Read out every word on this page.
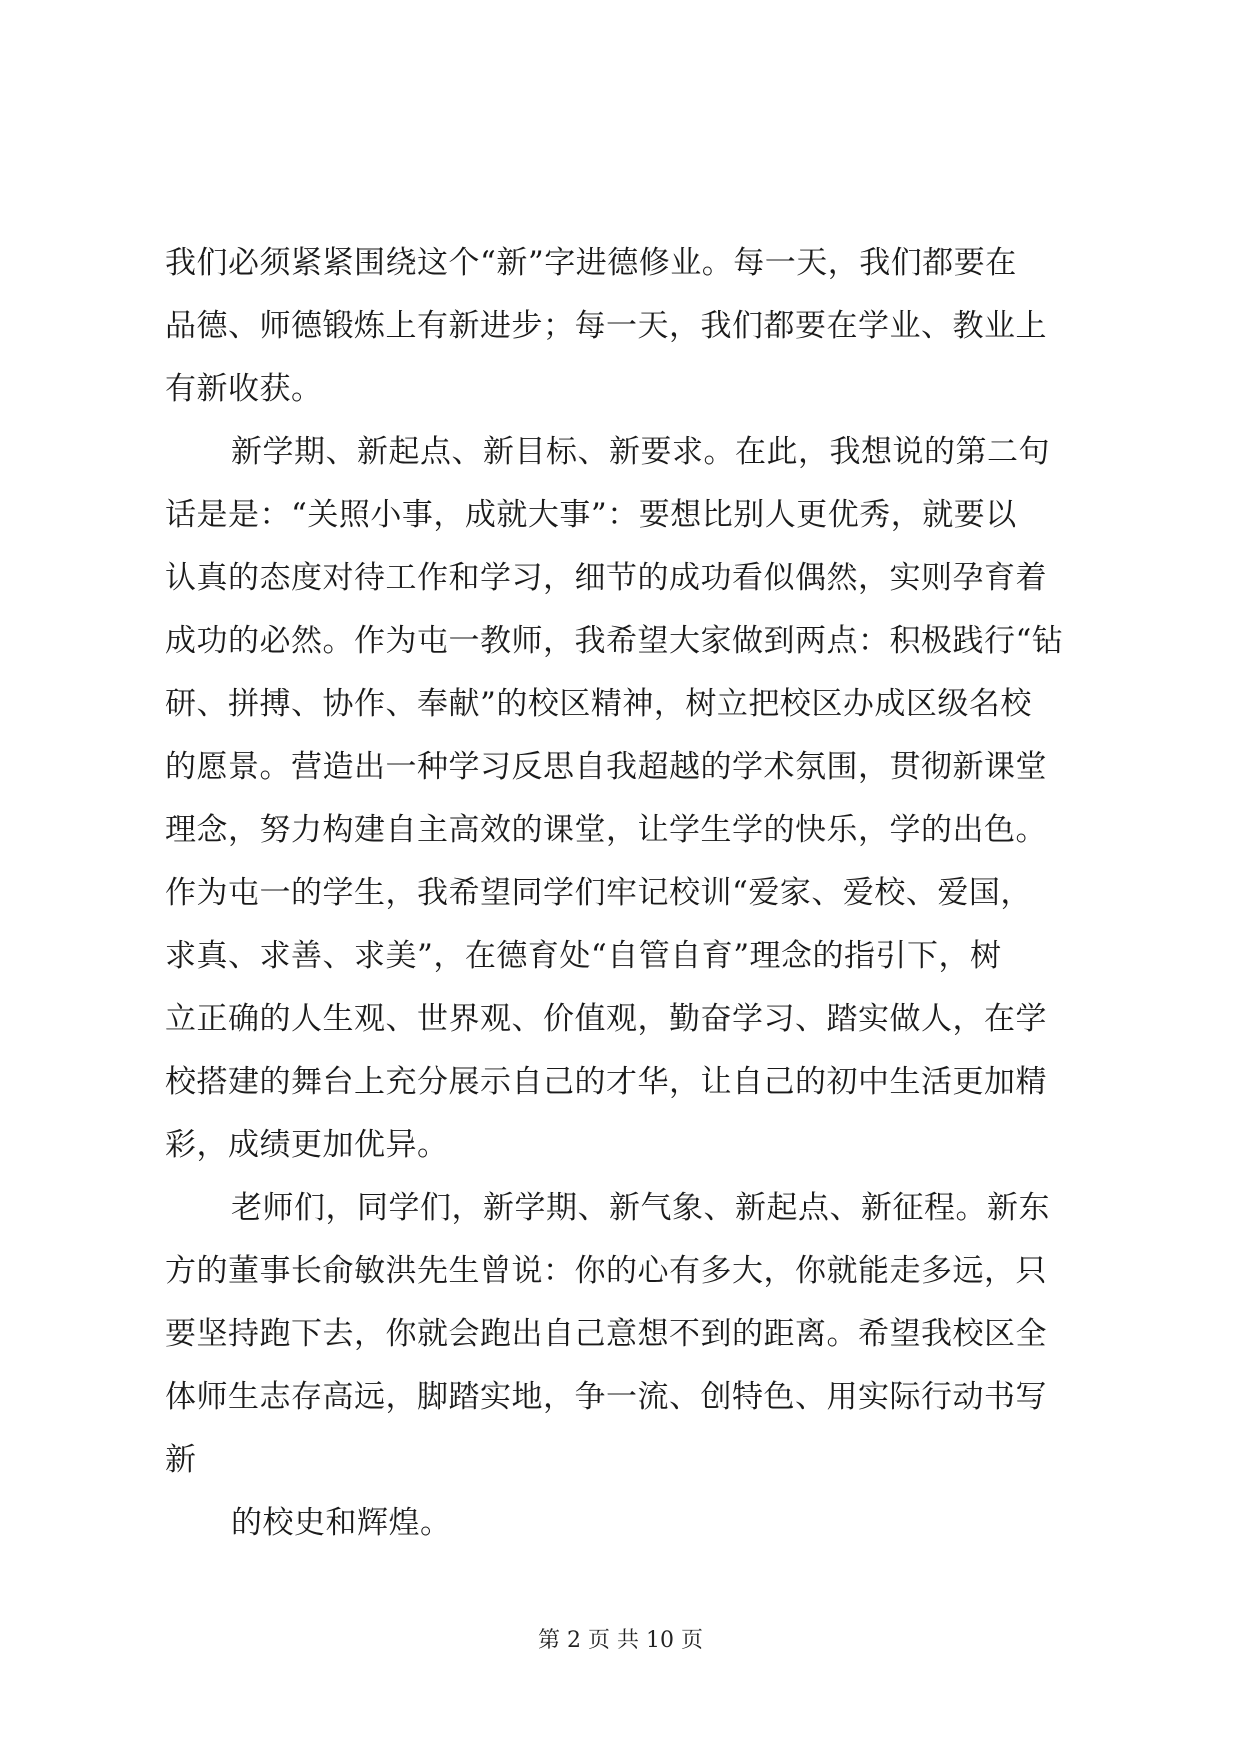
我们必须紧紧围绕这个“新”字进德修业。每一天，我们都要在
品德、师德锻炼上有新进步；每一天，我们都要在学业、教业上
有新收获。
新学期、新起点、新目标、新要求。在此，我想说的第二句
话是是：“关照小事，成就大事”：要想比别人更优秀，就要以
认真的态度对待工作和学习，细节的成功看似偶然，实则孕育着
成功的必然。作为屯一教师，我希望大家做到两点：积极践行“钻
研、拼搏、协作、奉献”的校区精神，树立把校区办成区级名校
的愿景。营造出一种学习反思自我超越的学术氛围，贯彻新课堂
理念，努力构建自主高效的课堂，让学生学的快乐，学的出色。
作为屯一的学生，我希望同学们牢记校训“爱家、爱校、爱国，
求真、求善、求美”，在德育处“自管自育”理念的指引下，树
立正确的人生观、世界观、价值观，勤奋学习、踏实做人，在学
校搭建的舞台上充分展示自己的才华，让自己的初中生活更加精
彩，成绩更加优异。
老师们，同学们，新学期、新气象、新起点、新征程。新东
方的董事长俞敏洪先生曾说：你的心有多大，你就能走多远，只
要坚持跑下去，你就会跑出自己意想不到的距离。希望我校区全
体师生志存高远，脚踏实地，争一流、创特色、用实际行动书写
新
的校史和辉煌。
第 2 页 共 10 页
